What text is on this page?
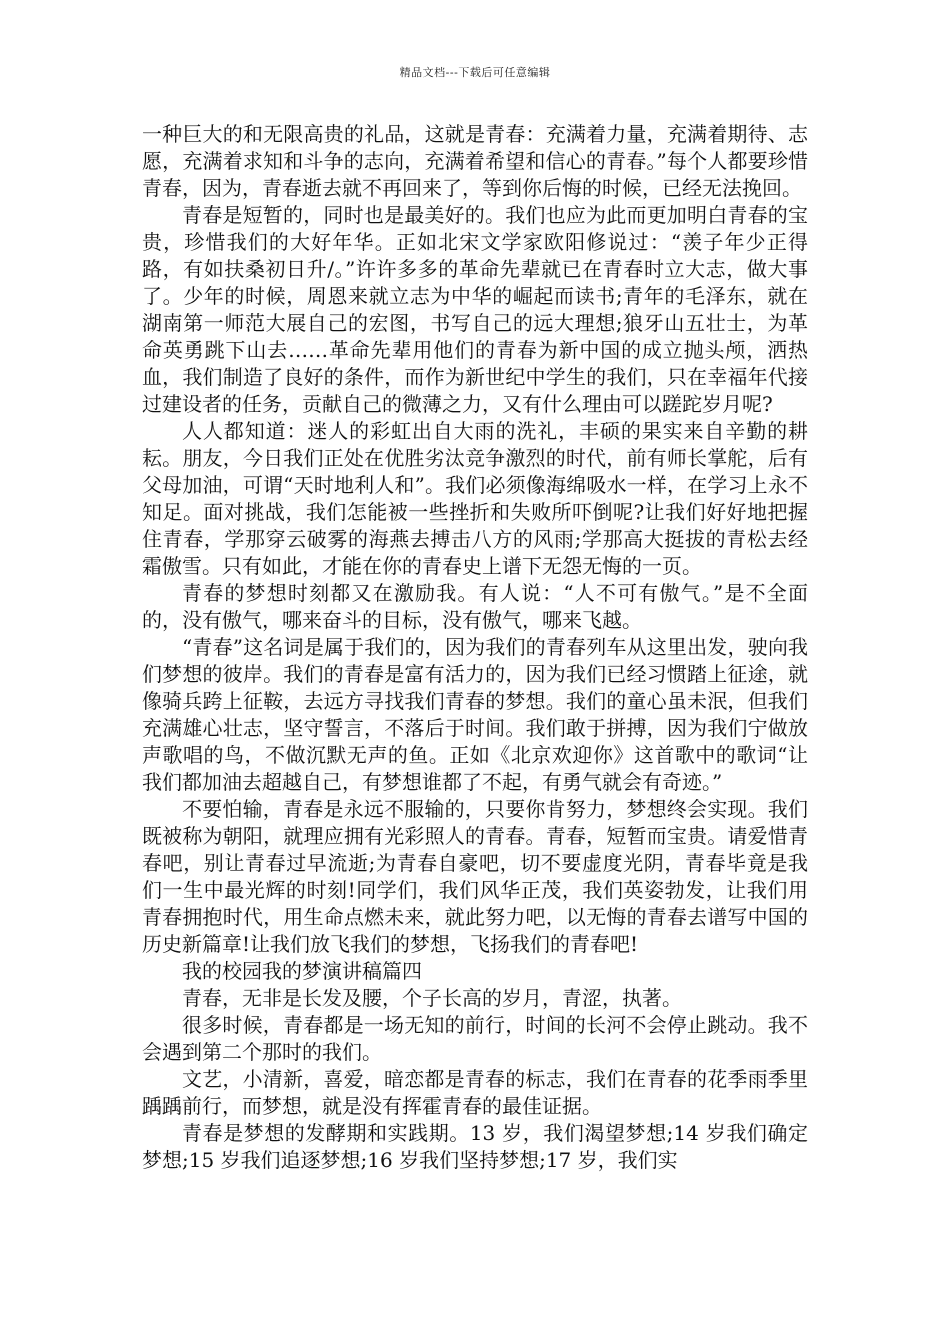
精品文档---下载后可任意编辑

一种巨大的和无限高贵的礼品，这就是青春：充满着力量，充满着期待、志愿，充满着求知和斗争的志向，充满着希望和信心的青春。”每个人都要珍惜青春，因为，青春逝去就不再回来了，等到你后悔的时候，已经无法挽回。

青春是短暂的，同时也是最美好的。我们也应为此而更加明白青春的宝贵，珍惜我们的大好年华。正如北宋文学家欧阳修说过：“羡子年少正得路，有如扶桑初日升/。”许许多多的革命先辈就已在青春时立大志，做大事了。少年的时候，周恩来就立志为中华的崛起而读书;青年的毛泽东，就在湖南第一师范大展自己的宏图，书写自己的远大理想;狼牙山五壮士，为革命英勇跳下山去……革命先辈用他们的青春为新中国的成立抛头颅，洒热血，我们制造了良好的条件，而作为新世纪中学生的我们，只在幸福年代接过建设者的任务，贡献自己的微薄之力，又有什么理由可以蹉跎岁月呢?

人人都知道：迷人的彩虹出自大雨的洗礼，丰硕的果实来自辛勤的耕耘。朋友，今日我们正处在优胜劣汰竞争激烈的时代，前有师长掌舵，后有父母加油，可谓“天时地利人和”。我们必须像海绵吸水一样，在学习上永不知足。面对挑战，我们怎能被一些挫折和失败所吓倒呢?让我们好好地把握住青春，学那穿云破雾的海燕去搏击八方的风雨;学那高大挺拔的青松去经霜傲雪。只有如此，才能在你的青春史上谱下无怨无悔的一页。

青春的梦想时刻都又在激励我。有人说：“人不可有傲气。”是不全面的，没有傲气，哪来奋斗的目标，没有傲气，哪来飞越。

“青春”这名词是属于我们的，因为我们的青春列车从这里出发，驶向我们梦想的彼岸。我们的青春是富有活力的，因为我们已经习惯踏上征途，就像骑兵跨上征鞍，去远方寻找我们青春的梦想。我们的童心虽未泯，但我们充满雄心壮志，坚守誓言，不落后于时间。我们敢于拼搏，因为我们宁做放声歌唱的鸟，不做沉默无声的鱼。正如《北京欢迎你》这首歌中的歌词“让我们都加油去超越自己，有梦想谁都了不起，有勇气就会有奇迹。”

不要怕输，青春是永远不服输的，只要你肯努力，梦想终会实现。我们既被称为朝阳，就理应拥有光彩照人的青春。青春，短暂而宝贵。请爱惜青春吧，别让青春过早流逝;为青春自豪吧，切不要虚度光阴，青春毕竟是我们一生中最光辉的时刻!同学们，我们风华正茂，我们英姿勃发，让我们用青春拥抱时代，用生命点燃未来，就此努力吧，以无悔的青春去谱写中国的历史新篇章!让我们放飞我们的梦想，飞扬我们的青春吧!

我的校园我的梦演讲稿篇四

青春，无非是长发及腰，个子长高的岁月，青涩，执著。

很多时候，青春都是一场无知的前行，时间的长河不会停止跳动。我不会遇到第二个那时的我们。

文艺，小清新，喜爱，暗恋都是青春的标志，我们在青春的花季雨季里踽踽前行，而梦想，就是没有挥霍青春的最佳证据。

青春是梦想的发酵期和实践期。13 岁，我们渴望梦想;14 岁我们确定梦想;15 岁我们追逐梦想;16 岁我们坚持梦想;17 岁，我们实
